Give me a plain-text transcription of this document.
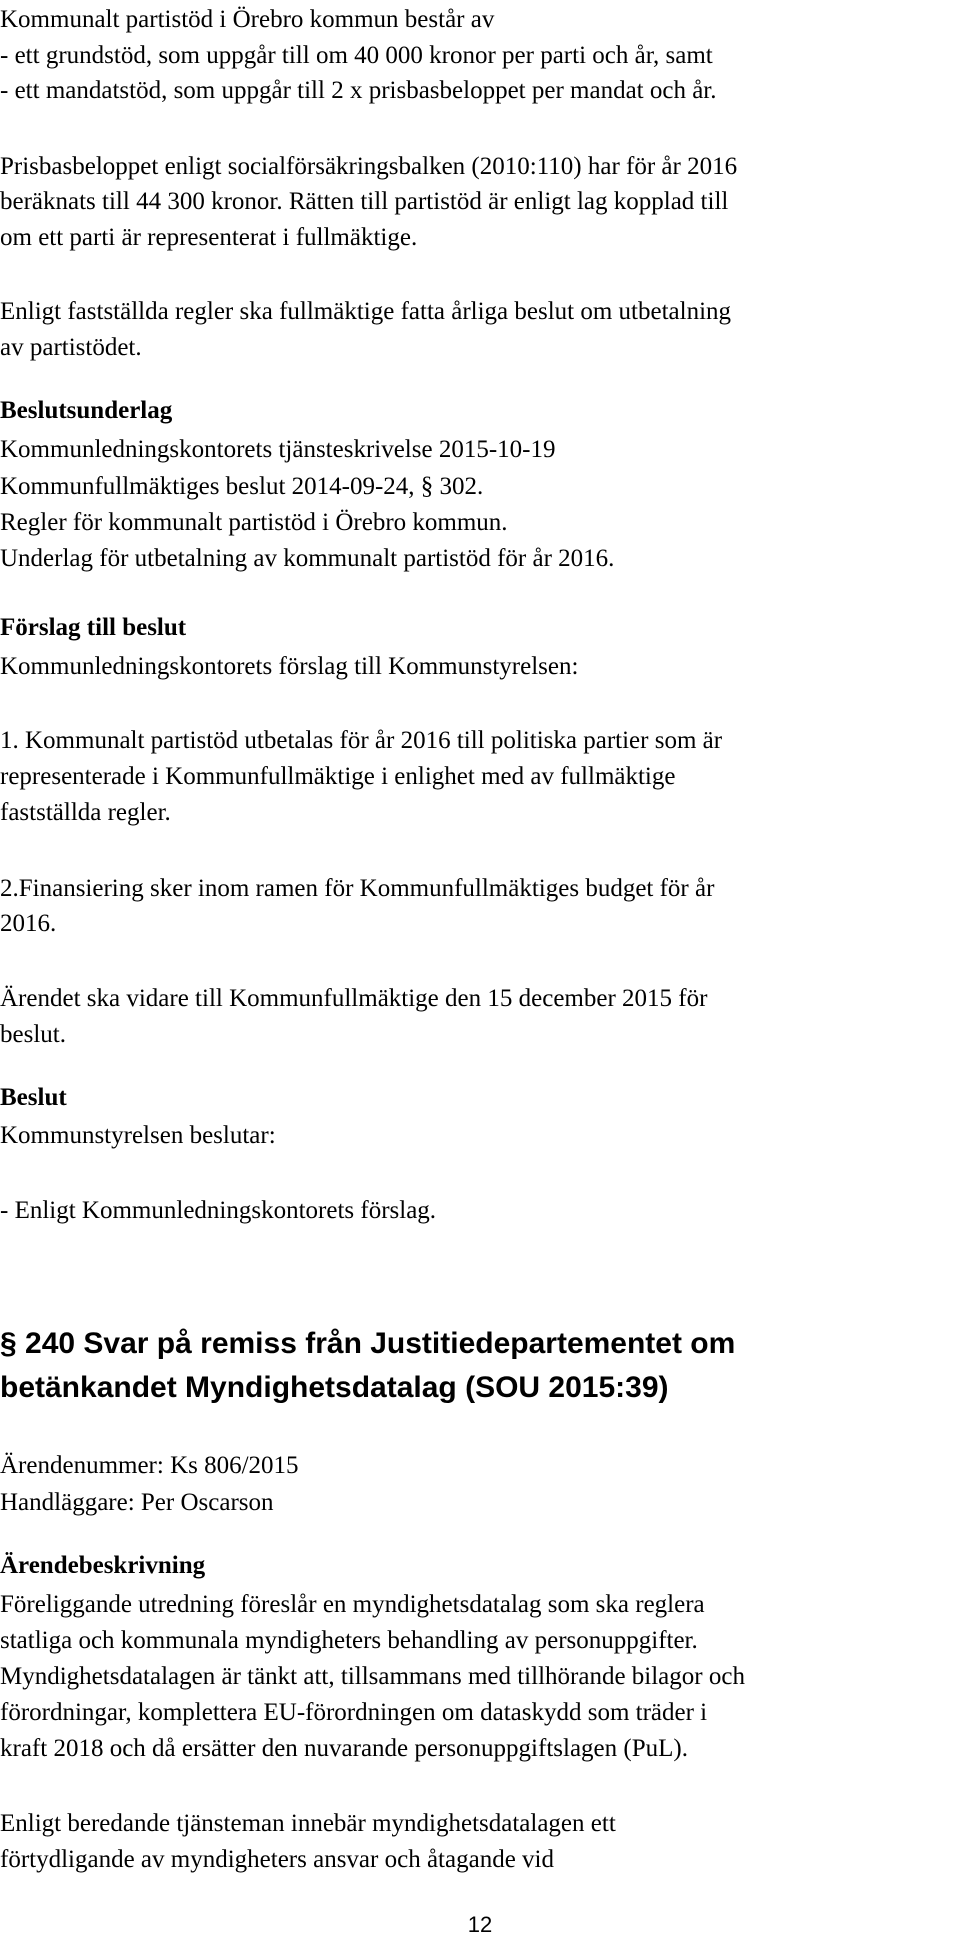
Kommunalt partistöd i Örebro kommun består av
- ett grundstöd, som uppgår till om 40 000 kronor per parti och år, samt
- ett mandatstöd, som uppgår till 2 x prisbasbeloppet per mandat och år.
Prisbasbeloppet enligt socialförsäkringsbalken (2010:110) har för år 2016
beräknats till 44 300 kronor. Rätten till partistöd är enligt lag kopplad till
om ett parti är representerat i fullmäktige.
Enligt fastställda regler ska fullmäktige fatta årliga beslut om utbetalning
av partistödet.
Beslutsunderlag
Kommunledningskontorets tjänsteskrivelse 2015-10-19
Kommunfullmäktiges beslut 2014-09-24, § 302.
Regler för kommunalt partistöd i Örebro kommun.
Underlag för utbetalning av kommunalt partistöd för år 2016.
Förslag till beslut
Kommunledningskontorets förslag till Kommunstyrelsen:
1. Kommunalt partistöd utbetalas för år 2016 till politiska partier som är
representerade i Kommunfullmäktige i enlighet med av fullmäktige
fastställda regler.
2.Finansiering sker inom ramen för Kommunfullmäktiges budget för år
2016.
Ärendet ska vidare till Kommunfullmäktige den 15 december 2015 för
beslut.
Beslut
Kommunstyrelsen beslutar:
- Enligt Kommunledningskontorets förslag.
§ 240 Svar på remiss från Justitiedepartementet om
betänkandet Myndighetsdatalag (SOU 2015:39)
Ärendenummer: Ks 806/2015
Handläggare: Per Oscarson
Ärendebeskrivning
Föreliggande utredning föreslår en myndighetsdatalag som ska reglera
statliga och kommunala myndigheters behandling av personuppgifter.
Myndighetsdatalagen är tänkt att, tillsammans med tillhörande bilagor och
förordningar, komplettera EU-förordningen om dataskydd som träder i
kraft 2018 och då ersätter den nuvarande personuppgiftslagen (PuL).
Enligt beredande tjänsteman innebär myndighetsdatalagen ett
förtydligande av myndigheters ansvar och åtagande vid
12
